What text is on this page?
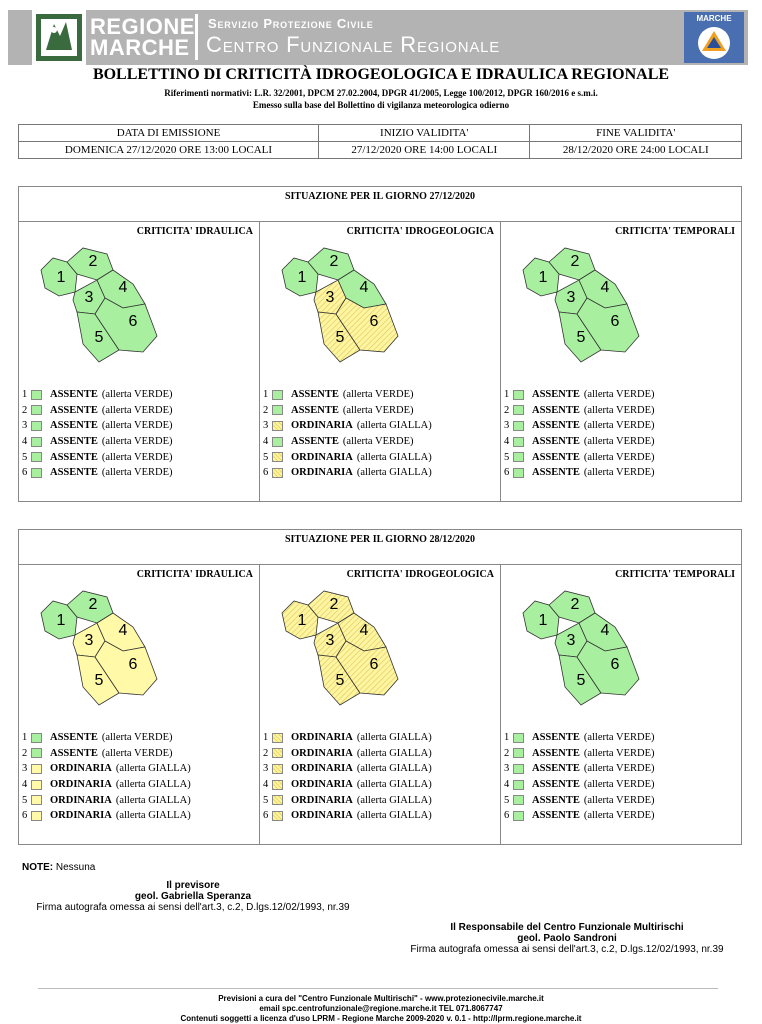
REGIONE
MARCHE
Servizio Protezione Civile
Centro Funzionale Regionale
MARCHE
BOLLETTINO DI CRITICITÀ IDROGEOLOGICA E IDRAULICA REGIONALE
Riferimenti normativi: L.R. 32/2001, DPCM 27.02.2004, DPGR 41/2005, Legge 100/2012, DPGR 160/2016 e s.m.i.
Emesso sulla base del Bollettino di vigilanza meteorologica odierno
DATA DI EMISSIONE	INIZIO VALIDITA'	FINE VALIDITA'
DOMENICA 27/12/2020 ORE 13:00 LOCALI	27/12/2020 ORE 14:00 LOCALI	28/12/2020 ORE 24:00 LOCALI
SITUAZIONE PER IL GIORNO 27/12/2020
CRITICITA' IDRAULICA
1
2
3
4
5
6
1 ASSENTE (allerta VERDE)
2 ASSENTE (allerta VERDE)
3 ASSENTE (allerta VERDE)
4 ASSENTE (allerta VERDE)
5 ASSENTE (allerta VERDE)
6 ASSENTE (allerta VERDE)
CRITICITA' IDROGEOLOGICA
1
2
3
4
5
6
1 ASSENTE (allerta VERDE)
2 ASSENTE (allerta VERDE)
3 ORDINARIA (allerta GIALLA)
4 ASSENTE (allerta VERDE)
5 ORDINARIA (allerta GIALLA)
6 ORDINARIA (allerta GIALLA)
CRITICITA' TEMPORALI
1
2
3
4
5
6
1 ASSENTE (allerta VERDE)
2 ASSENTE (allerta VERDE)
3 ASSENTE (allerta VERDE)
4 ASSENTE (allerta VERDE)
5 ASSENTE (allerta VERDE)
6 ASSENTE (allerta VERDE)
SITUAZIONE PER IL GIORNO 28/12/2020
CRITICITA' IDRAULICA
1
2
3
4
5
6
1 ASSENTE (allerta VERDE)
2 ASSENTE (allerta VERDE)
3 ORDINARIA (allerta GIALLA)
4 ORDINARIA (allerta GIALLA)
5 ORDINARIA (allerta GIALLA)
6 ORDINARIA (allerta GIALLA)
CRITICITA' IDROGEOLOGICA
1
2
3
4
5
6
1 ORDINARIA (allerta GIALLA)
2 ORDINARIA (allerta GIALLA)
3 ORDINARIA (allerta GIALLA)
4 ORDINARIA (allerta GIALLA)
5 ORDINARIA (allerta GIALLA)
6 ORDINARIA (allerta GIALLA)
CRITICITA' TEMPORALI
1
2
3
4
5
6
1 ASSENTE (allerta VERDE)
2 ASSENTE (allerta VERDE)
3 ASSENTE (allerta VERDE)
4 ASSENTE (allerta VERDE)
5 ASSENTE (allerta VERDE)
6 ASSENTE (allerta VERDE)
NOTE: Nessuna
Il previsore
geol. Gabriella Speranza
Firma autografa omessa ai sensi dell'art.3, c.2, D.lgs.12/02/1993, nr.39
Il Responsabile del Centro Funzionale Multirischi
geol. Paolo Sandroni
Firma autografa omessa ai sensi dell'art.3, c.2, D.lgs.12/02/1993, nr.39
Previsioni a cura del "Centro Funzionale Multirischi" - www.protezionecivile.marche.it
email spc.centrofunzionale@regione.marche.it TEL 071.8067747
Contenuti soggetti a licenza d'uso LPRM - Regione Marche 2009-2020 v. 0.1 - http://lprm.regione.marche.it
